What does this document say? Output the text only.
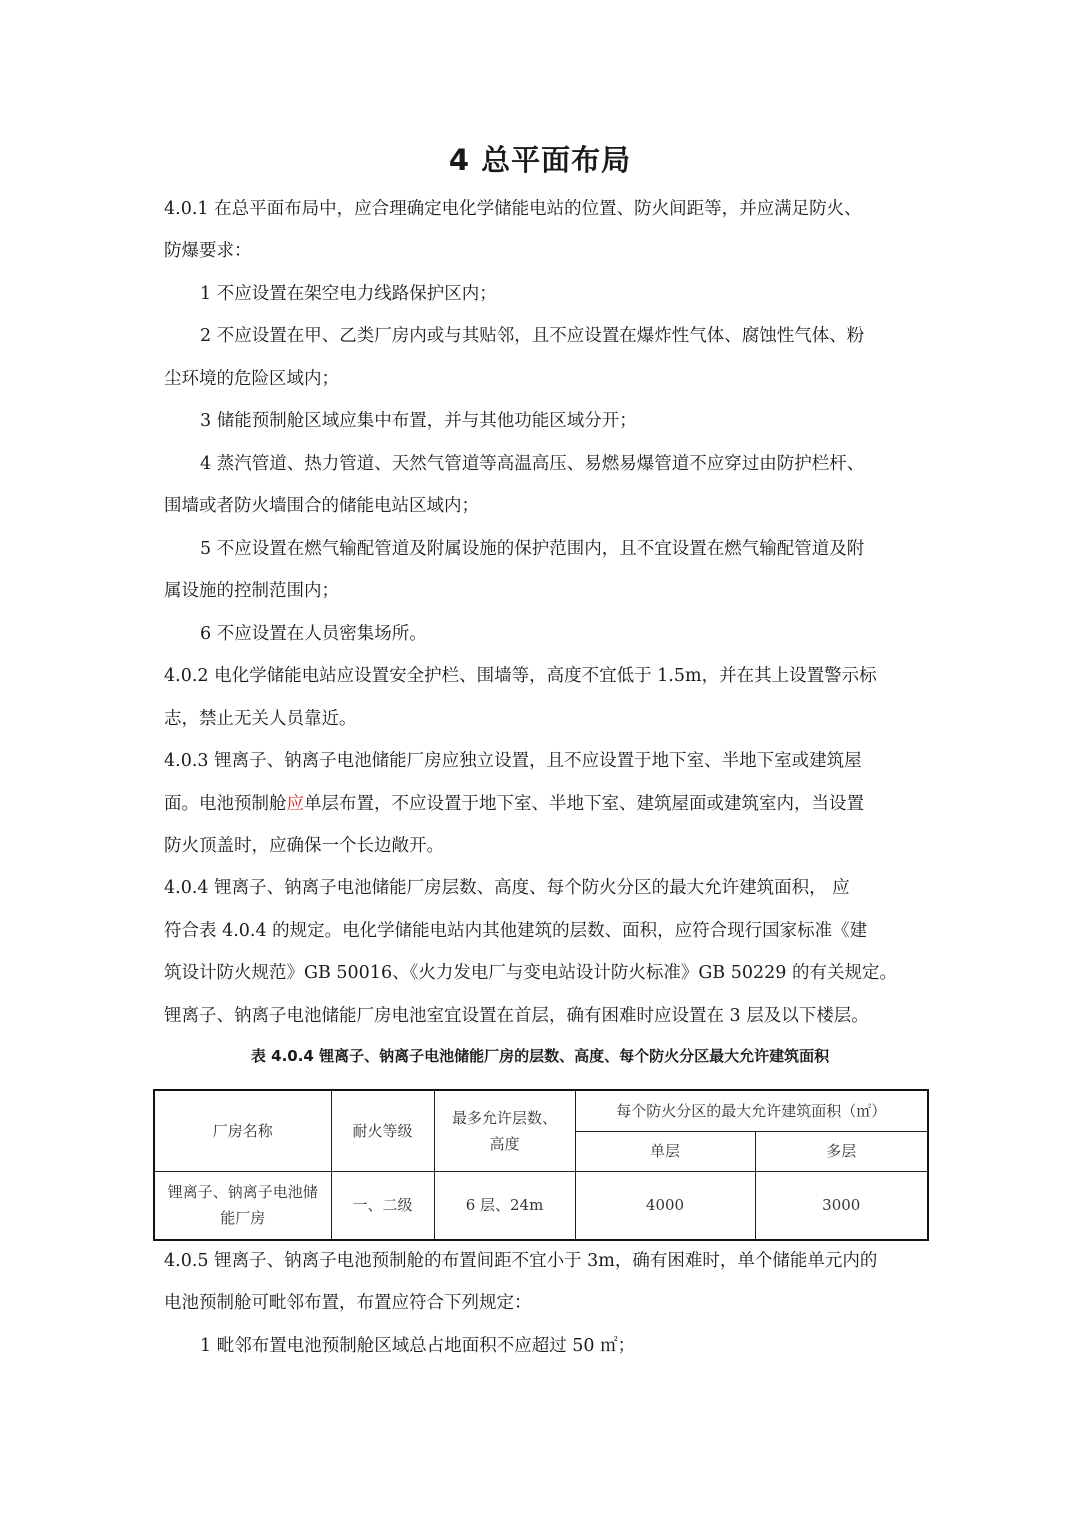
4 总平面布局

4.0.1 在总平面布局中，应合理确定电化学储能电站的位置、防火间距等，并应满足防火、

防爆要求：

1 不应设置在架空电力线路保护区内；

2 不应设置在甲、乙类厂房内或与其贴邻，且不应设置在爆炸性气体、腐蚀性气体、粉

尘环境的危险区域内；

3 储能预制舱区域应集中布置，并与其他功能区域分开；

4 蒸汽管道、热力管道、天然气管道等高温高压、易燃易爆管道不应穿过由防护栏杆、

围墙或者防火墙围合的储能电站区域内；

5 不应设置在燃气输配管道及附属设施的保护范围内，且不宜设置在燃气输配管道及附

属设施的控制范围内；

6 不应设置在人员密集场所。

4.0.2 电化学储能电站应设置安全护栏、围墙等，高度不宜低于 1.5m，并在其上设置警示标

志，禁止无关人员靠近。

4.0.3 锂离子、钠离子电池储能厂房应独立设置，且不应设置于地下室、半地下室或建筑屋

面。电池预制舱应单层布置，不应设置于地下室、半地下室、建筑屋面或建筑室内，当设置

防火顶盖时，应确保一个长边敞开。

4.0.4 锂离子、钠离子电池储能厂房层数、高度、每个防火分区的最大允许建筑面积， 应

符合表 4.0.4 的规定。电化学储能电站内其他建筑的层数、面积，应符合现行国家标准《建

筑设计防火规范》GB 50016、《火力发电厂与变电站设计防火标准》GB 50229 的有关规定。

锂离子、钠离子电池储能厂房电池室宜设置在首层，确有困难时应设置在 3 层及以下楼层。

表 4.0.4 锂离子、钠离子电池储能厂房的层数、高度、每个防火分区最大允许建筑面积
厂房名称	耐火等级	最多允许层数、
高度	每个防火分区的最大允许建筑面积（㎡）	
			单层	多层
锂离子、钠离子电池储
能厂房	一、二级	6 层、24m	4000	3000

4.0.5 锂离子、钠离子电池预制舱的布置间距不宜小于 3m，确有困难时，单个储能单元内的

电池预制舱可毗邻布置，布置应符合下列规定：

1 毗邻布置电池预制舱区域总占地面积不应超过 50 ㎡；
